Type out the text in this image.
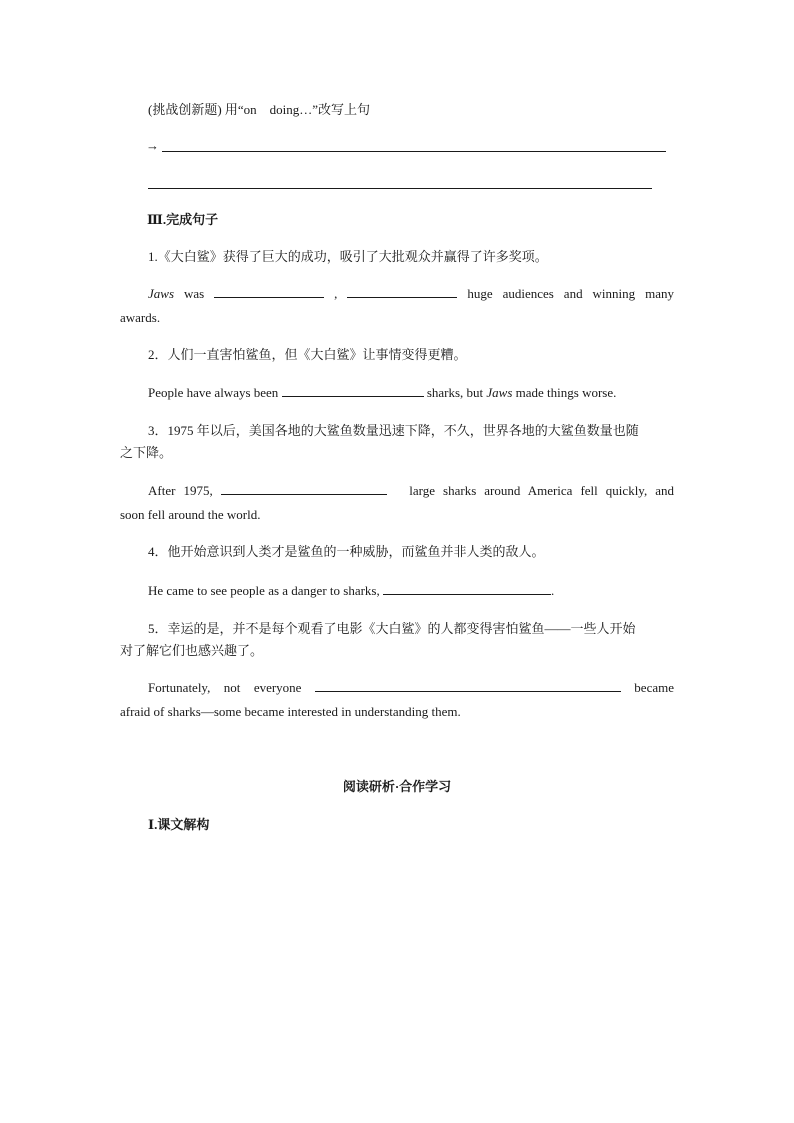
(挑战创新题) 用“on　doing…”改写上句
→
Ⅲ.完成句子
1.《大白鲨》获得了巨大的成功，吸引了大批观众并赢得了许多奖项。
Jaws was	,	huge audiences and winning many
awards.
2．人们一直害怕鲨鱼，但《大白鲨》让事情变得更糟。
People have always been	sharks, but Jaws made things worse.
3．1975 年以后，美国各地的大鲨鱼数量迅速下降，不久，世界各地的大鲨鱼数量也随
之下降。
After 1975,	　large sharks around America fell quickly, and
soon fell around the world.
4．他开始意识到人类才是鲨鱼的一种威胁，而鲨鱼并非人类的敌人。
He came to see people as a danger to sharks,	.
5．幸运的是，并不是每个观看了电影《大白鲨》的人都变得害怕鲨鱼——一些人开始
对了解它们也感兴趣了。
Fortunately, not everyone	became
afraid of sharks—some became interested in understanding them.
阅读研析·合作学习
Ⅰ.课文解构
